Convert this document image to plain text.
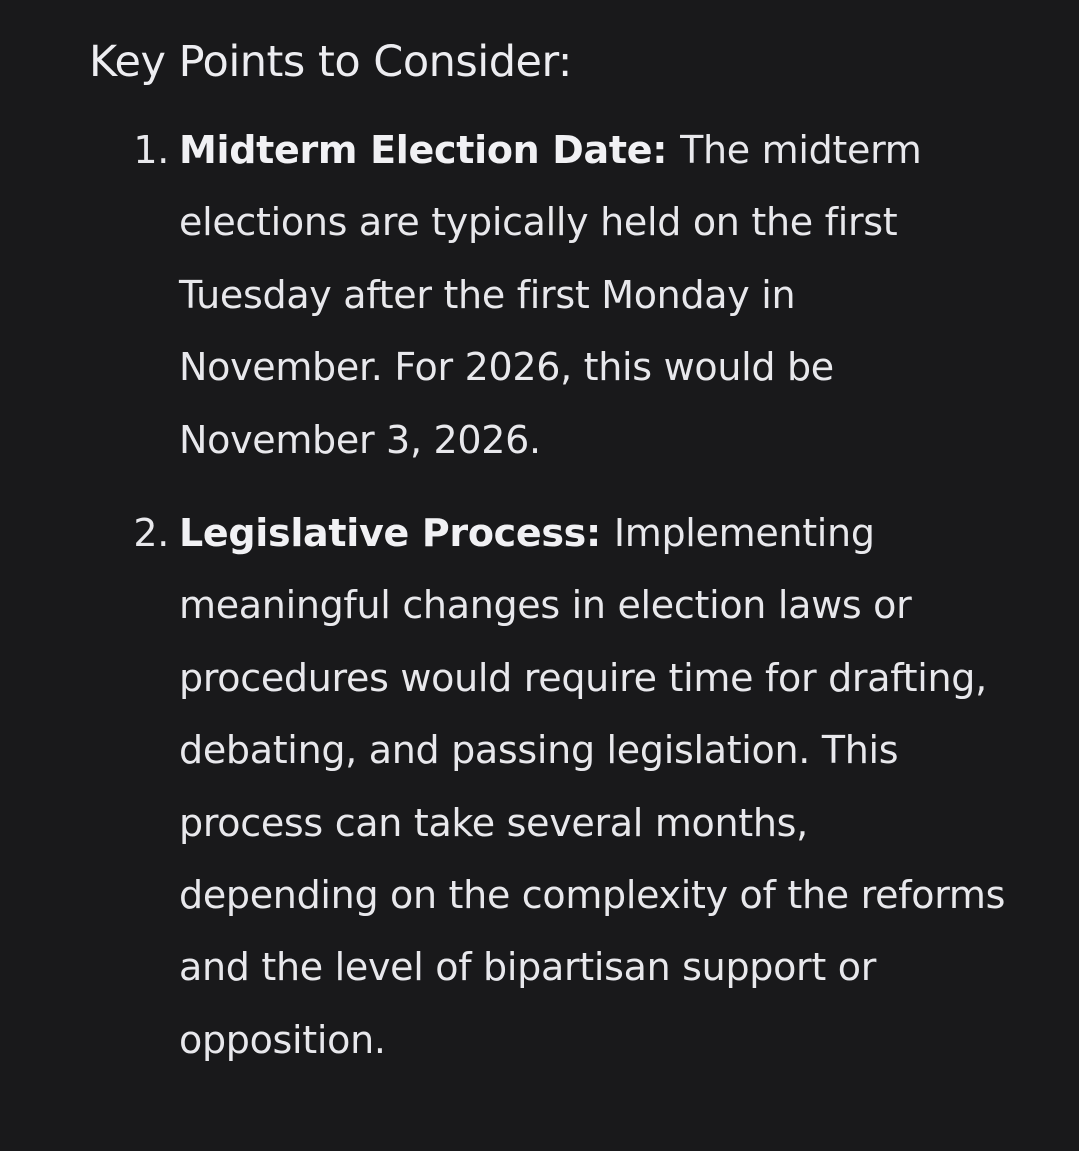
Key Points to Consider:
1. Midterm Election Date: The midterm elections are typically held on the first Tuesday after the first Monday in November. For 2026, this would be November 3, 2026.
2. Legislative Process: Implementing meaningful changes in election laws or procedures would require time for drafting, debating, and passing legislation. This process can take several months, depending on the complexity of the reforms and the level of bipartisan support or opposition.
